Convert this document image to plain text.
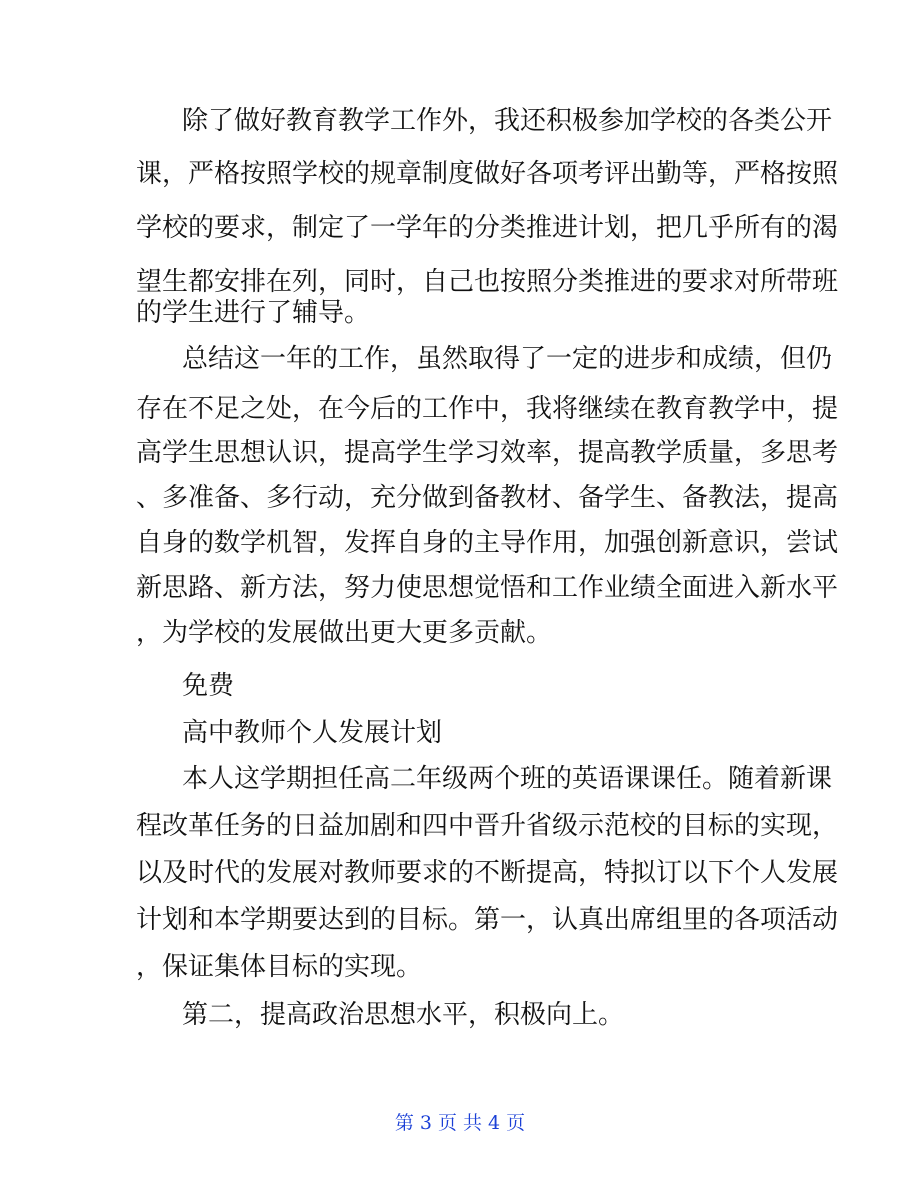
除了做好教育教学工作外，我还积极参加学校的各类公开
课，严格按照学校的规章制度做好各项考评出勤等，严格按照
学校的要求，制定了一学年的分类推进计划，把几乎所有的渴
望生都安排在列，同时，自己也按照分类推进的要求对所带班
的学生进行了辅导。
总结这一年的工作，虽然取得了一定的进步和成绩，但仍
存在不足之处，在今后的工作中，我将继续在教育教学中，提
高学生思想认识，提高学生学习效率，提高教学质量，多思考
、多准备、多行动，充分做到备教材、备学生、备教法，提高
自身的数学机智，发挥自身的主导作用，加强创新意识，尝试
新思路、新方法，努力使思想觉悟和工作业绩全面进入新水平
，为学校的发展做出更大更多贡献。
免费
高中教师个人发展计划
本人这学期担任高二年级两个班的英语课课任。随着新课
程改革任务的日益加剧和四中晋升省级示范校的目标的实现，
以及时代的发展对教师要求的不断提高，特拟订以下个人发展
计划和本学期要达到的目标。第一，认真出席组里的各项活动
，保证集体目标的实现。
第二，提高政治思想水平，积极向上。
第 3 页 共 4 页
